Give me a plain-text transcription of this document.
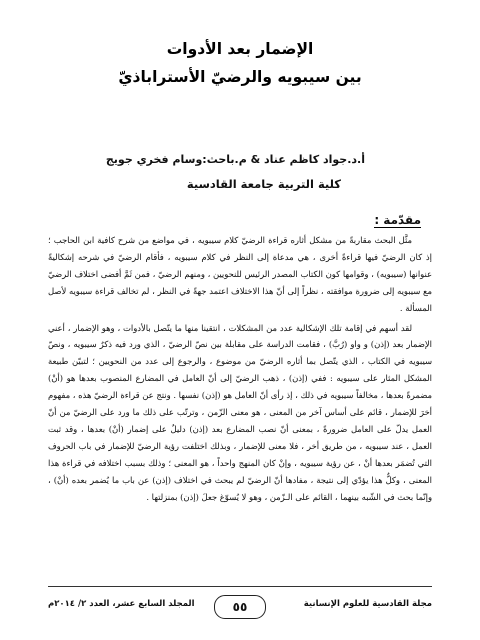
الإضمار بعد الأدوات
بين سيبويه والرضيّ الأستراباذيّ
أ.د.جواد كاظم عناد & م.باحث:وسام فخري جويج
كلية التربية جامعة القادسية
مقدّمة :

مثَّل البحث مقاربةً من مشكل أثاره قراءة الرضيّ كلام سيبويه ، في مواضع من شرح كافية ابن الحاجب ؛ إذ كان الرضيّ فيها قراءةً أخرى ، هي مدعاة إلى النظر في كلام سيبويه ، فأقام الرضيّ في شرحه إشكاليةً عنوانها (سيبويه) ، وقوامها كون الكتاب المصدر الرئيس للنحويين ، ومنهم الرضيّ ، فمن ثَمَّ أفضى اختلاف الرضيّ مع سيبويه إلى ضرورة موافقته ، نظراً إلى أنّ هذا الاختلاف اعتمد جهةً في النظر ، لم تخالف قراءة سيبويه لأصل المسألة .

لقد أسهم في إقامة تلك الإشكالية عدد من المشكلات ، انتقينا منها ما يتّصل بالأدوات ، وهو الإضمار ، أعني الإضمار بعد (إذن) و واو (رُبَّ) ، فقامت الدراسة على مقابلة بين نصّ الرضيّ ، الذي ورد فيه ذكرٌ سيبويه ، ونصّ سيبويه في الكتاب ، الذي يتّصل بما أثاره الرضيّ من موضوع ، والرجوع إلى عدد من النحويين ؛ لتبيّن طبيعة المشكل المثار على سيبويه : ففي (إذن) ، ذهب الرضيّ إلى أنّ العامل في المضارع المنصوب بعدها هو (أنْ) مضمرةً بعدها ، مخالفاً سيبويه في ذلك ، إذ رأى أنّ العامل هو (إذن) نفسها . ونتج عن قراءة الرضيّ هذه ، مفهوم أخرَ للإضمار ، قائم على أساس آخر من المعنى ، هو معنى الزّمن ، وترتّب على ذلك ما ورد على الرضيّ من أنّ العمل يدلّ على العامل ضرورةً ، بمعنى أنّ نصب المضارع بعد (إذن) دليلٌ على إضمار (أنْ) بعدها ، وقد ثبت العمل ، عند سيبويه ، من طريق أخر ، فلا معنى للإضمار ، وبذلك اختلفت رؤية الرضيّ للإضمار في باب الحروف التي تُضمَر بعدها أنْ ، عن رؤية سيبويه ، وإنْ كان المنهج واحداً ، هو المعنى ؛ وذلك بسبب اختلافه في قراءة هذا المعنى ، وكلٌّ هذا يؤدّي إلى نتيجة ، مفادها أنّ الرضيّ لم يبحث في اختلاف (إذن) عن باب ما يُضمر بعده (أنْ) ، وإنّما بحث في الشّبه بينهما ، القائم على الـزّمن ، وهو لا يُسوّغ جعلَ (إذن) بمنزلتها .

مجلة القادسية للعلوم الإنسانية
٥٥
المجلد السابع عشر، العدد ٢/ ٢٠١٤م
